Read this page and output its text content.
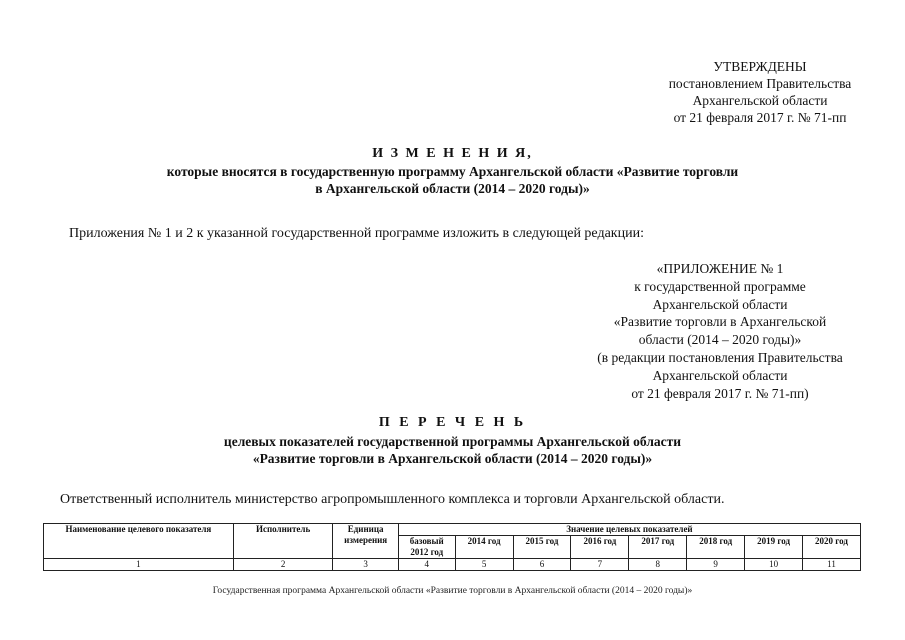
УТВЕРЖДЕНЫ
постановлением Правительства
Архангельской области
от 21 февраля 2017 г. № 71-пп
И З М Е Н Е Н И Я,
которые вносятся в государственную программу Архангельской области «Развитие торговли
в Архангельской области (2014 – 2020 годы)»
Приложения № 1 и 2 к указанной государственной программе изложить в следующей редакции:
«ПРИЛОЖЕНИЕ № 1
к государственной программе
Архангельской области
«Развитие торговли в Архангельской
области (2014 – 2020 годы)»
(в редакции постановления Правительства
Архангельской области
от 21 февраля 2017 г. № 71-пп)
П Е Р Е Ч Е Н Ь
целевых показателей государственной программы Архангельской области
«Развитие торговли в Архангельской области (2014 – 2020 годы)»
Ответственный исполнитель министерство агропромышленного комплекса и торговли Архангельской области.
Наименование целевого показателя	Исполнитель	Единица измерения	Значение целевых показателей							
			базовый 2012 год	2014 год	2015 год	2016 год	2017 год	2018 год	2019 год	2020 год
1	2	3	4	5	6	7	8	9	10	11
Государственная программа Архангельской области «Развитие торговли в Архангельской области (2014 – 2020 годы)»
